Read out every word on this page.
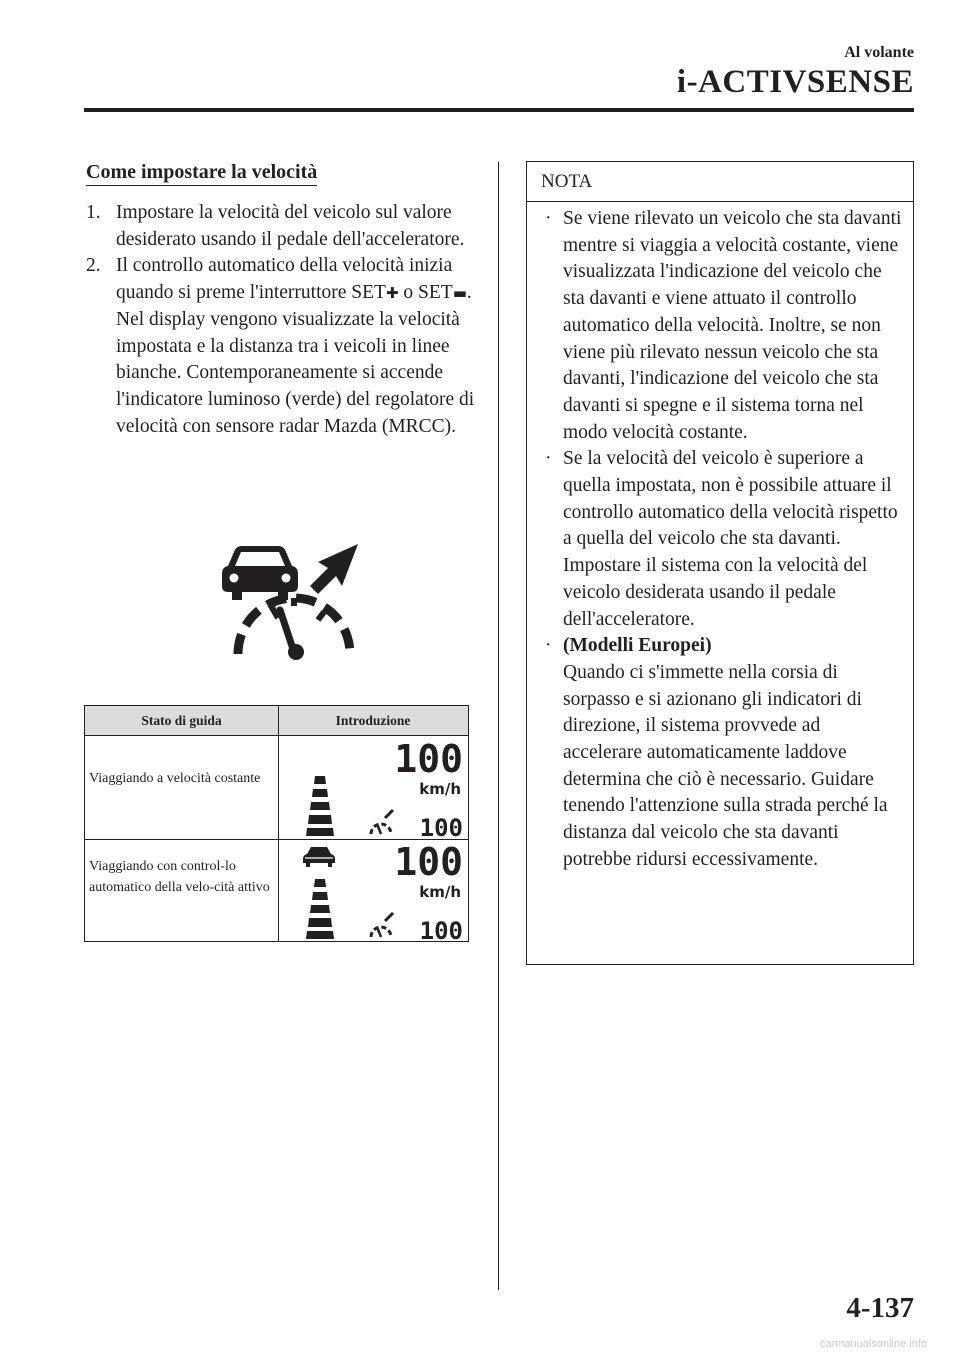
Al volante
i-ACTIVSENSE
Come impostare la velocità
1. Impostare la velocità del veicolo sul valore desiderato usando il pedale dell'acceleratore.
2. Il controllo automatico della velocità inizia quando si preme l'interruttore SET✚ o SET▬. Nel display vengono visualizzate la velocità impostata e la distanza tra i veicoli in linee bianche. Contemporaneamente si accende l'indicatore luminoso (verde) del regolatore di velocità con sensore radar Mazda (MRCC).
Stato di guida	Introduzione
Viaggiando a velocità costante	100
km/h
100
Viaggiando con control-lo automatico della velo-cità attivo
100
km/h
100
NOTA
· Se viene rilevato un veicolo che sta davanti mentre si viaggia a velocità costante, viene visualizzata l'indicazione del veicolo che sta davanti e viene attuato il controllo automatico della velocità. Inoltre, se non viene più rilevato nessun veicolo che sta davanti, l'indicazione del veicolo che sta davanti si spegne e il sistema torna nel modo velocità costante.
· Se la velocità del veicolo è superiore a quella impostata, non è possibile attuare il controllo automatico della velocità rispetto a quella del veicolo che sta davanti. Impostare il sistema con la velocità del veicolo desiderata usando il pedale dell'acceleratore.
· (Modelli Europei)
Quando ci s'immette nella corsia di sorpasso e si azionano gli indicatori di direzione, il sistema provvede ad accelerare automaticamente laddove determina che ciò è necessario. Guidare tenendo l'attenzione sulla strada perché la distanza dal veicolo che sta davanti potrebbe ridursi eccessivamente.
4-137
carmanualsonline.info
